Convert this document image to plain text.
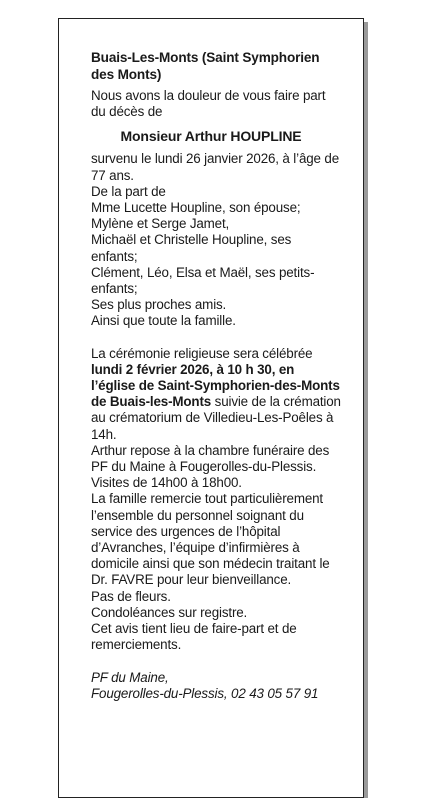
Buais-Les-Monts (Saint Symphorien des Monts)

Nous avons la douleur de vous faire part du décès de

Monsieur Arthur HOUPLINE

survenu le lundi 26 janvier 2026, à l’âge de 77 ans.

De la part de

Mme Lucette Houpline, son épouse;

Mylène et Serge Jamet,

Michaël et Christelle Houpline, ses enfants;

Clément, Léo, Elsa et Maël, ses petits-enfants;

Ses plus proches amis.

Ainsi que toute la famille.

La cérémonie religieuse sera célébrée
lundi 2 février 2026, à 10 h 30, en l’église de Saint-Symphorien-des-Monts de Buais-les-Monts suivie de la crémation au crématorium de Villedieu-Les-Poêles à 14h.

Arthur repose à la chambre funéraire des PF du Maine à Fougerolles-du-Plessis.

Visites de 14h00 à 18h00.

La famille remercie tout particulièrement l’ensemble du personnel soignant du service des urgences de l’hôpital d’Avranches, l’équipe d’infirmières à domicile ainsi que son médecin traitant le Dr. FAVRE pour leur bienveillance.

Pas de fleurs.

Condoléances sur registre.

Cet avis tient lieu de faire-part et de remerciements.

PF du Maine,
Fougerolles-du-Plessis, 02 43 05 57 91
